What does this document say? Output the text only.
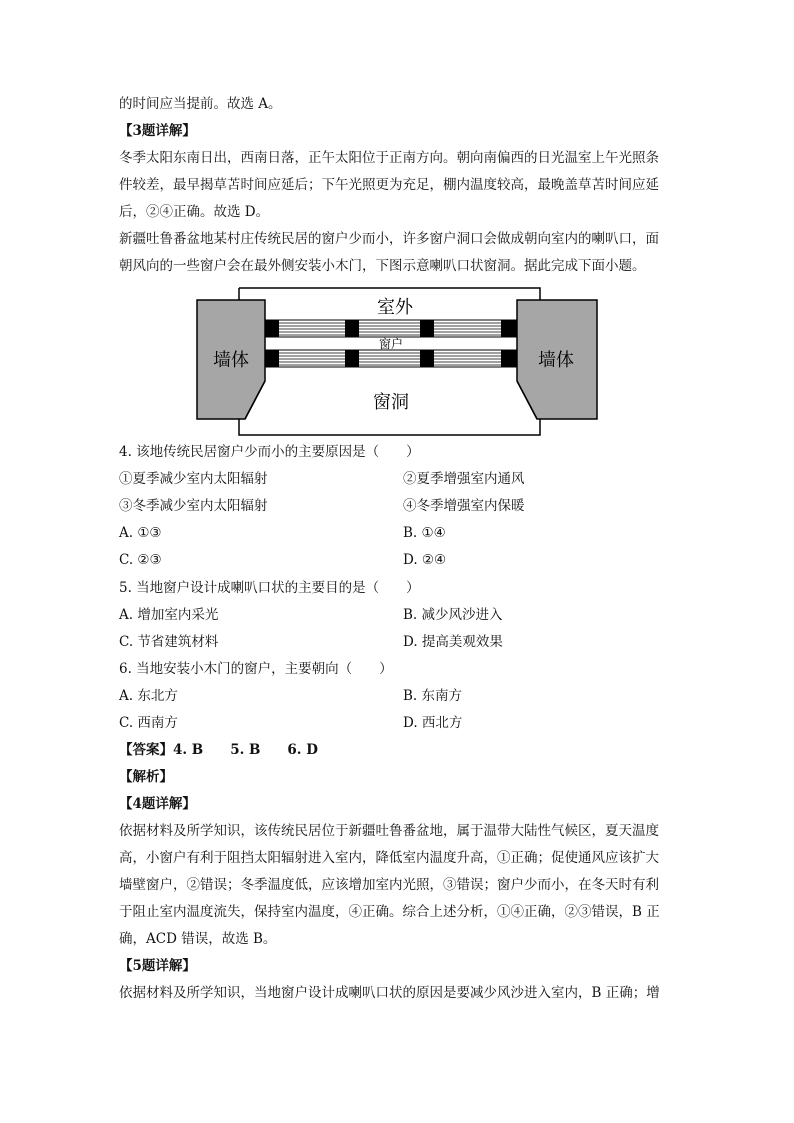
的时间应当提前。故选 A。
【3题详解】
冬季太阳东南日出，西南日落，正午太阳位于正南方向。朝向南偏西的日光温室上午光照条
件较差，最早揭草苫时间应延后；下午光照更为充足，棚内温度较高，最晚盖草苫时间应延
后，②④正确。故选 D。
新疆吐鲁番盆地某村庄传统民居的窗户少而小，许多窗户洞口会做成朝向室内的喇叭口，面
朝风向的一些窗户会在最外侧安装小木门，下图示意喇叭口状窗洞。据此完成下面小题。
室外
窗户
墙体	墙体
窗洞
4. 该地传统民居窗户少而小的主要原因是（　　）
①夏季减少室内太阳辐射	②夏季增强室内通风
③冬季减少室内太阳辐射	④冬季增强室内保暖
A. ①③	B. ①④
C. ②③	D. ②④
5. 当地窗户设计成喇叭口状的主要目的是（　　）
A. 增加室内采光	B. 减少风沙进入
C. 节省建筑材料	D. 提高美观效果
6. 当地安装小木门的窗户，主要朝向（　　）
A. 东北方	B. 东南方
C. 西南方	D. 西北方
【答案】4. B　　5. B　　6. D
【解析】
【4题详解】
依据材料及所学知识，该传统民居位于新疆吐鲁番盆地，属于温带大陆性气候区，夏天温度
高，小窗户有利于阻挡太阳辐射进入室内，降低室内温度升高，①正确；促使通风应该扩大
墙壁窗户，②错误；冬季温度低，应该增加室内光照，③错误；窗户少而小，在冬天时有利
于阻止室内温度流失，保持室内温度，④正确。综合上述分析，①④正确，②③错误，B 正
确，ACD 错误，故选 B。
【5题详解】
依据材料及所学知识，当地窗户设计成喇叭口状的原因是要减少风沙进入室内，B 正确；增
